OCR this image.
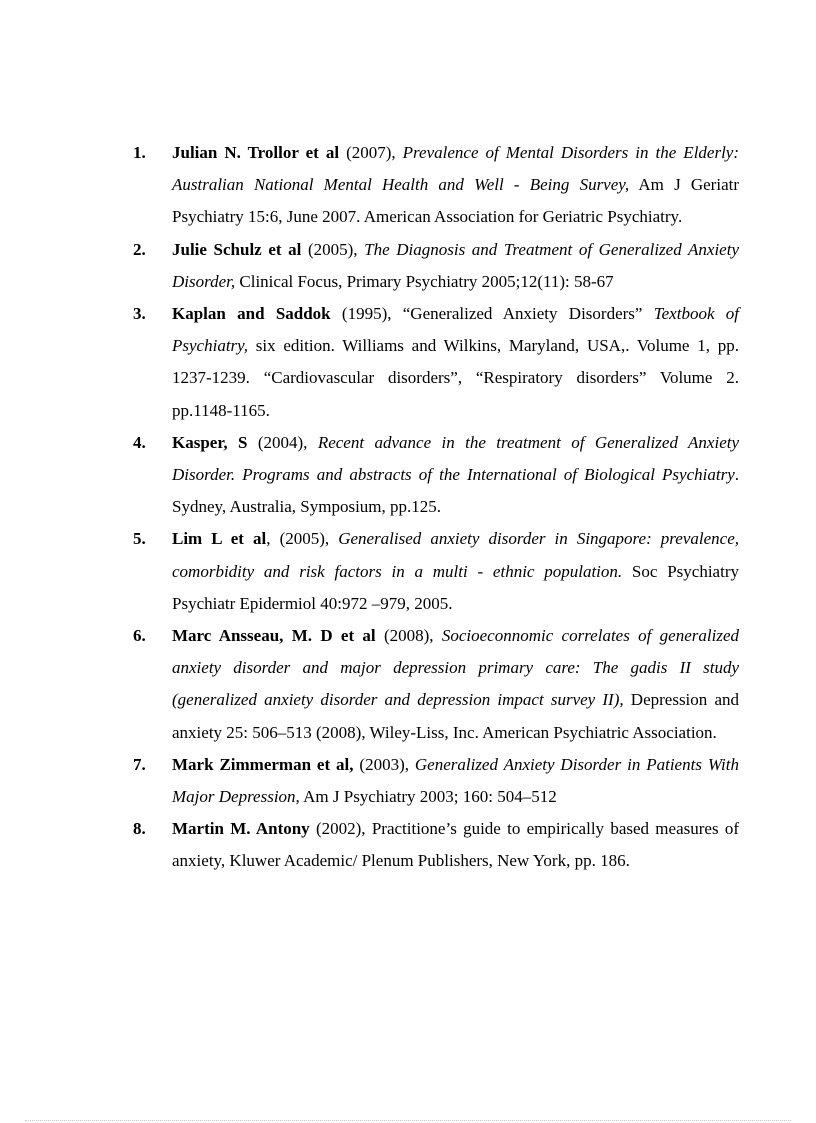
1.	Julian N. Trollor et al (2007), Prevalence of Mental Disorders in the Elderly: Australian National Mental Health and Well - Being Survey, Am J Geriatr Psychiatry 15:6, June 2007. American Association for Geriatric Psychiatry.
2.	Julie Schulz et al (2005), The Diagnosis and Treatment of Generalized Anxiety Disorder, Clinical Focus, Primary Psychiatry 2005;12(11): 58-67
3.	Kaplan and Saddok (1995), “Generalized Anxiety Disorders” Textbook of Psychiatry, six edition. Williams and Wilkins, Maryland, USA,. Volume 1, pp. 1237-1239. “Cardiovascular disorders”, “Respiratory disorders” Volume 2. pp.1148-1165.
4.	Kasper, S (2004), Recent advance in the treatment of Generalized Anxiety Disorder. Programs and abstracts of the International of Biological Psychiatry. Sydney, Australia, Symposium, pp.125.
5.	Lim L et al, (2005), Generalised anxiety disorder in Singapore: prevalence, comorbidity and risk factors in a multi - ethnic population. Soc Psychiatry Psychiatr Epidermiol 40:972 –979, 2005.
6.	Marc Ansseau, M. D et al (2008), Socioeconnomic correlates of generalized anxiety disorder and major depression primary care: The gadis II study (generalized anxiety disorder and depression impact survey II), Depression and anxiety 25: 506–513 (2008), Wiley-Liss, Inc. American Psychiatric Association.
7.	Mark Zimmerman et al, (2003), Generalized Anxiety Disorder in Patients With Major Depression, Am J Psychiatry 2003; 160: 504–512
8.	Martin M. Antony (2002), Practitione’s guide to empirically based measures of anxiety, Kluwer Academic/ Plenum Publishers, New York, pp. 186.
